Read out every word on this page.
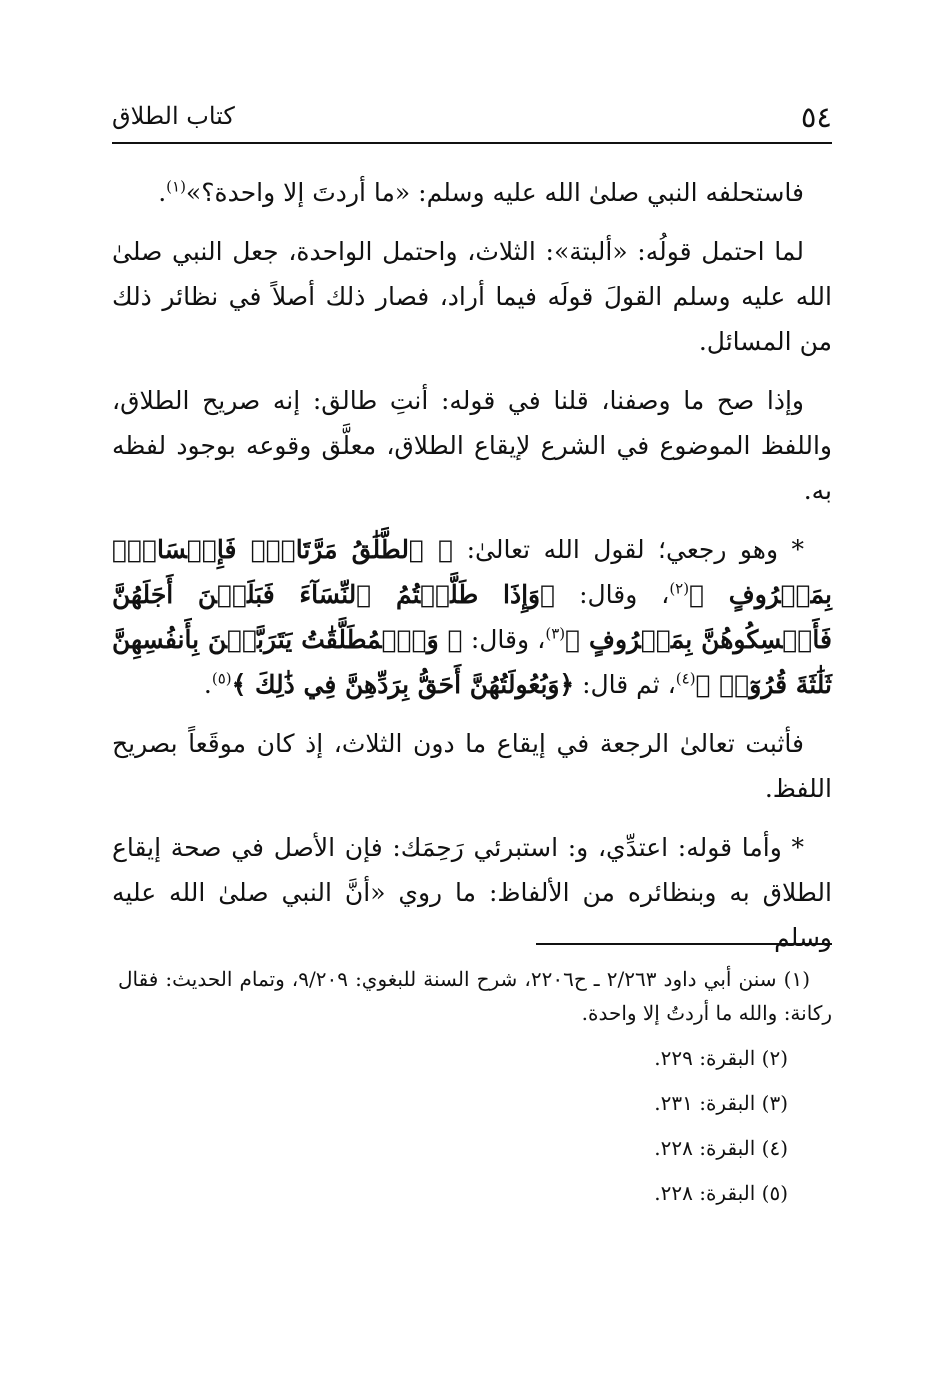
٥٤
كتاب الطلاق

فاستحلفه النبي صلىٰ الله عليه وسلم: «ما أردتَ إلا واحدة؟»$^{(١)}$.

لما احتمل قولُه: «ألبتة»: الثلاث، واحتمل الواحدة، جعل النبي صلىٰ الله عليه وسلم القولَ قولَه فيما أراد، فصار ذلك أصلاً في نظائر ذلك من المسائل.

وإذا صح ما وصفنا، قلنا في قوله: أنتِ طالق: إنه صريح الطلاق، واللفظ الموضوع في الشرع لإيقاع الطلاق، معلَّق وقوعه بوجود لفظه به.

* وهو رجعي؛ لقول الله تعالىٰ: ﴿ ٱلطَّلَٰقُ مَرَّتَانِۖ فَإِمۡسَاكُۢ بِمَعۡرُوفٍ ﴾$^{(٢)}$، وقال: ﴿وَإِذَا طَلَّقۡتُمُ ٱلنِّسَآءَ فَبَلَغۡنَ أَجَلَهُنَّ فَأَمۡسِكُوهُنَّ بِمَعۡرُوفٍ ﴾$^{(٣)}$، وقال: ﴿ وَٱلۡمُطَلَّقَٰتُ يَتَرَبَّصۡنَ بِأَنفُسِهِنَّ ثَلَٰثَةَ قُرُوٓءٖ ﴾$^{(٤)}$، ثم قال: ﴿وَبُعُولَتُهُنَّ أَحَقُّ بِرَدِّهِنَّ فِي ذَٰلِكَ ﴾$^{(٥)}$.

فأثبت تعالىٰ الرجعة في إيقاع ما دون الثلاث، إذ كان موقَعاً بصريح اللفظ.

* وأما قوله: اعتدِّي، و: استبرئي رَحِمَك: فإن الأصل في صحة إيقاع الطلاق به وبنظائره من الألفاظ: ما روي «أنَّ النبي صلىٰ الله عليه وسلم

(١) سنن أبي داود ٢/٢٦٣ ـ ح٢٢٠٦، شرح السنة للبغوي: ٩/٢٠٩، وتمام الحديث: فقال ركانة: والله ما أردتُ إلا واحدة.

(٢) البقرة: ٢٢٩.

(٣) البقرة: ٢٣١.

(٤) البقرة: ٢٢٨.

(٥) البقرة: ٢٢٨.
